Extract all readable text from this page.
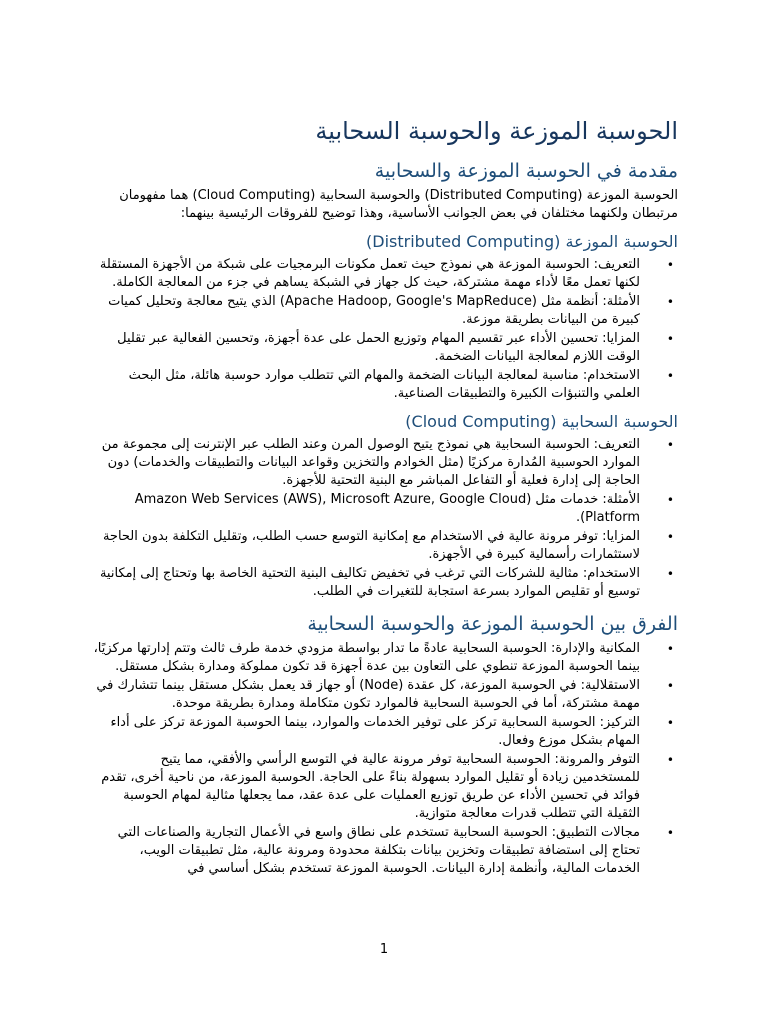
الحوسبة الموزعة والحوسبة السحابية
مقدمة في الحوسبة الموزعة والسحابية

الحوسبة الموزعة (Distributed Computing) والحوسبة السحابية (Cloud Computing) هما مفهومان مرتبطان ولكنهما مختلفان في بعض الجوانب الأساسية، وهذا توضيح للفروقات الرئيسية بينهما:

الحوسبة الموزعة (Distributed Computing)
•
التعريف: الحوسبة الموزعة هي نموذج حيث تعمل مكونات البرمجيات على شبكة من الأجهزة المستقلة لكنها تعمل معًا لأداء مهمة مشتركة، حيث كل جهاز في الشبكة يساهم في جزء من المعالجة الكاملة.
•
الأمثلة: أنظمة مثل (Apache Hadoop, Google's MapReduce) الذي يتيح معالجة وتحليل كميات كبيرة من البيانات بطريقة موزعة.
•
المزايا: تحسين الأداء عبر تقسيم المهام وتوزيع الحمل على عدة أجهزة، وتحسين الفعالية عبر تقليل الوقت اللازم لمعالجة البيانات الضخمة.
•
الاستخدام: مناسبة لمعالجة البيانات الضخمة والمهام التي تتطلب موارد حوسبة هائلة، مثل البحث العلمي والتنبؤات الكبيرة والتطبيقات الصناعية.
الحوسبة السحابية (Cloud Computing)
•
التعريف: الحوسبة السحابية هي نموذج يتيح الوصول المرن وعند الطلب عبر الإنترنت إلى مجموعة من الموارد الحوسبية المُدارة مركزيًا (مثل الخوادم والتخزين وقواعد البيانات والتطبيقات والخدمات) دون الحاجة إلى إدارة فعلية أو التفاعل المباشر مع البنية التحتية للأجهزة.
•
الأمثلة: خدمات مثل (Amazon Web Services (AWS), Microsoft Azure, Google Cloud Platform).
•
المزايا: توفر مرونة عالية في الاستخدام مع إمكانية التوسع حسب الطلب، وتقليل التكلفة بدون الحاجة لاستثمارات رأسمالية كبيرة في الأجهزة.
•
الاستخدام: مثالية للشركات التي ترغب في تخفيض تكاليف البنية التحتية الخاصة بها وتحتاج إلى إمكانية توسيع أو تقليص الموارد بسرعة استجابة للتغيرات في الطلب.
الفرق بين الحوسبة الموزعة والحوسبة السحابية
•
المكانية والإدارة: الحوسبة السحابية عادةً ما تدار بواسطة مزودي خدمة طرف ثالث وتتم إدارتها مركزيًا، بينما الحوسبة الموزعة تنطوي على التعاون بين عدة أجهزة قد تكون مملوكة ومدارة بشكل مستقل.
•
الاستقلالية: في الحوسبة الموزعة، كل عقدة (Node) أو جهاز قد يعمل بشكل مستقل بينما تتشارك في مهمة مشتركة، أما في الحوسبة السحابية فالموارد تكون متكاملة ومدارة بطريقة موحدة.
•
التركيز: الحوسبة السحابية تركز على توفير الخدمات والموارد، بينما الحوسبة الموزعة تركز على أداء المهام بشكل موزع وفعال.
•
التوفر والمرونة: الحوسبة السحابية توفر مرونة عالية في التوسع الرأسي والأفقي، مما يتيح للمستخدمين زيادة أو تقليل الموارد بسهولة بناءً على الحاجة. الحوسبة الموزعة، من ناحية أخرى، تقدم فوائد في تحسين الأداء عن طريق توزيع العمليات على عدة عقد، مما يجعلها مثالية لمهام الحوسبة الثقيلة التي تتطلب قدرات معالجة متوازية.
•
مجالات التطبيق: الحوسبة السحابية تستخدم على نطاق واسع في الأعمال التجارية والصناعات التي تحتاج إلى استضافة تطبيقات وتخزين بيانات بتكلفة محدودة ومرونة عالية، مثل تطبيقات الويب، الخدمات المالية، وأنظمة إدارة البيانات. الحوسبة الموزعة تستخدم بشكل أساسي في
1
